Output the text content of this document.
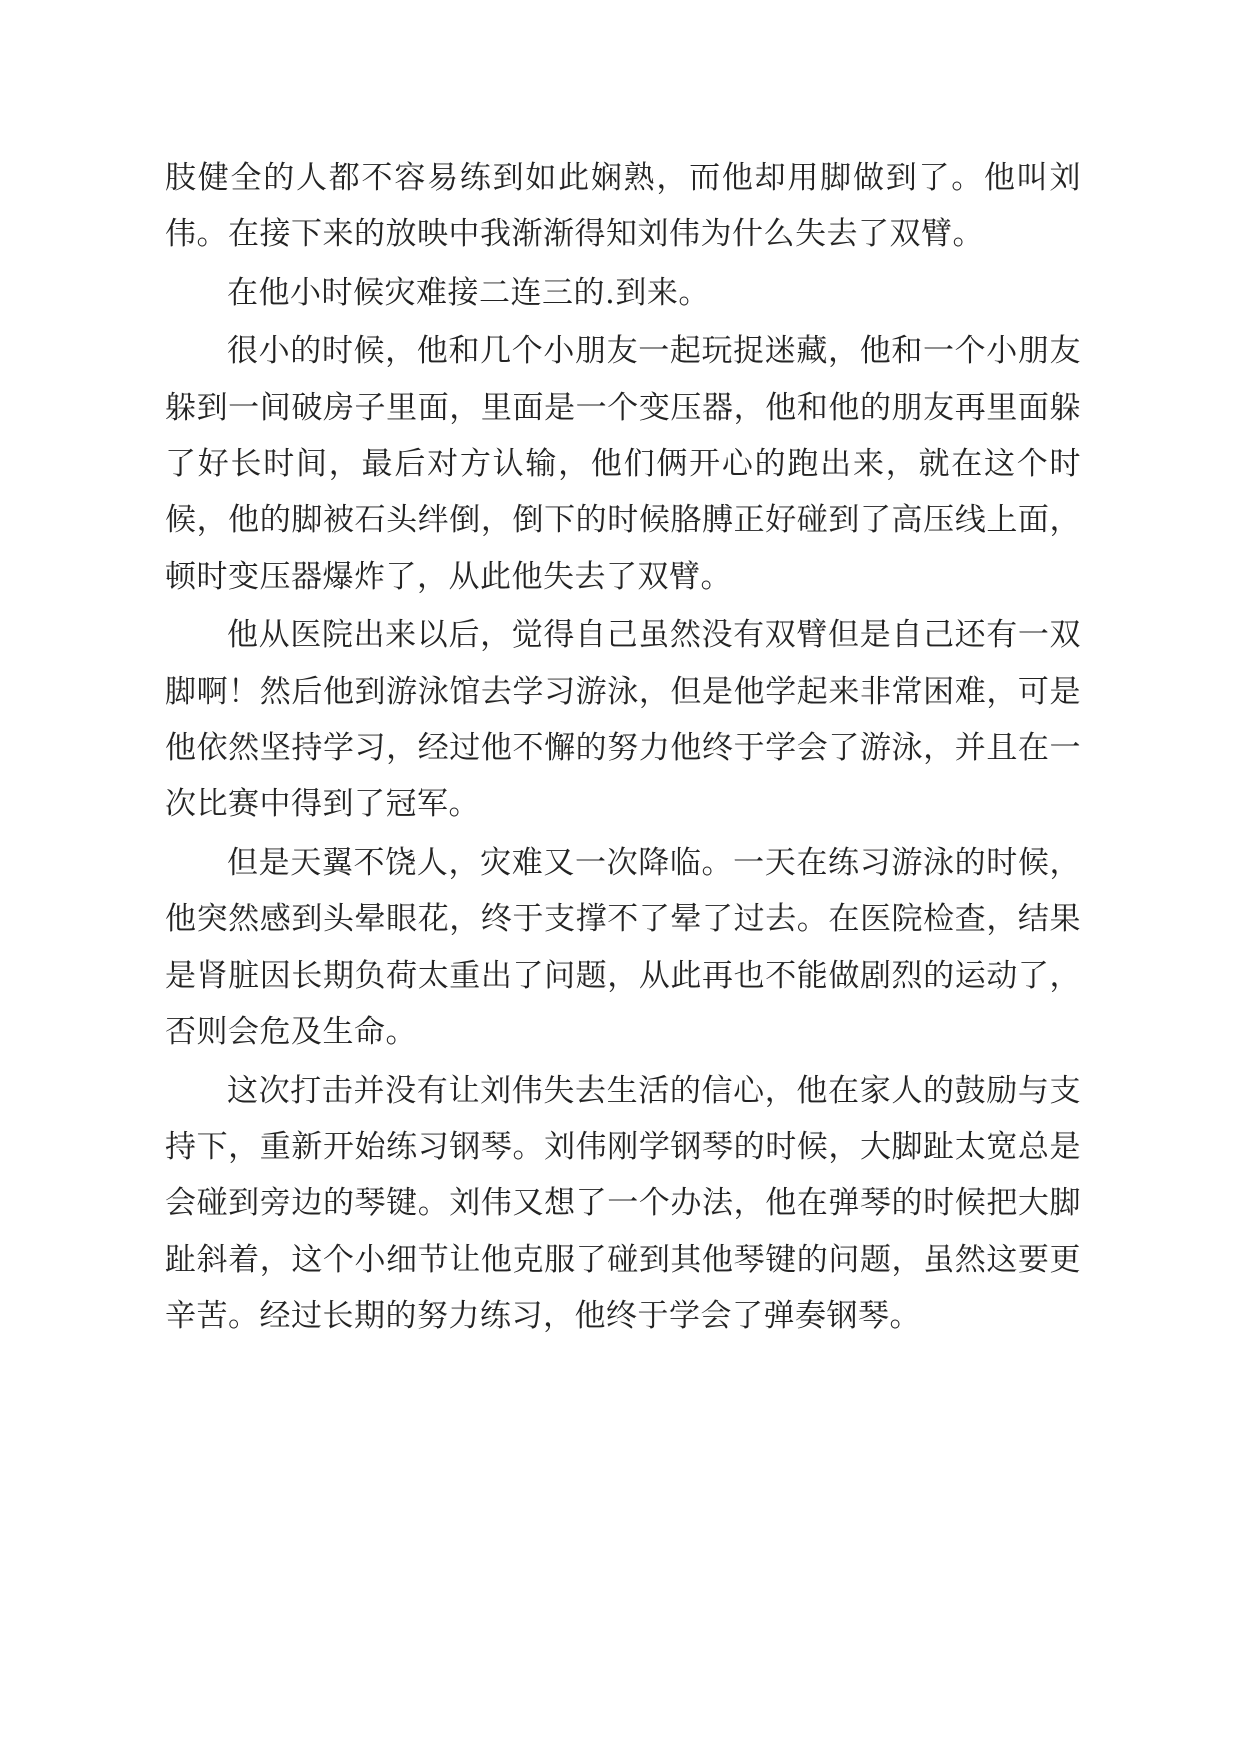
肢健全的人都不容易练到如此娴熟，而他却用脚做到了。他叫刘伟。在接下来的放映中我渐渐得知刘伟为什么失去了双臂。

在他小时候灾难接二连三的.到来。

很小的时候，他和几个小朋友一起玩捉迷藏，他和一个小朋友躲到一间破房子里面，里面是一个变压器，他和他的朋友再里面躲了好长时间，最后对方认输，他们俩开心的跑出来，就在这个时候，他的脚被石头绊倒，倒下的时候胳膊正好碰到了高压线上面，顿时变压器爆炸了，从此他失去了双臂。

他从医院出来以后，觉得自己虽然没有双臂但是自己还有一双脚啊！然后他到游泳馆去学习游泳，但是他学起来非常困难，可是他依然坚持学习，经过他不懈的努力他终于学会了游泳，并且在一次比赛中得到了冠军。

但是天翼不饶人，灾难又一次降临。一天在练习游泳的时候，他突然感到头晕眼花，终于支撑不了晕了过去。在医院检查，结果是肾脏因长期负荷太重出了问题，从此再也不能做剧烈的运动了，否则会危及生命。

这次打击并没有让刘伟失去生活的信心，他在家人的鼓励与支持下，重新开始练习钢琴。刘伟刚学钢琴的时候，大脚趾太宽总是会碰到旁边的琴键。刘伟又想了一个办法，他在弹琴的时候把大脚趾斜着，这个小细节让他克服了碰到其他琴键的问题，虽然这要更辛苦。经过长期的努力练习，他终于学会了弹奏钢琴。
